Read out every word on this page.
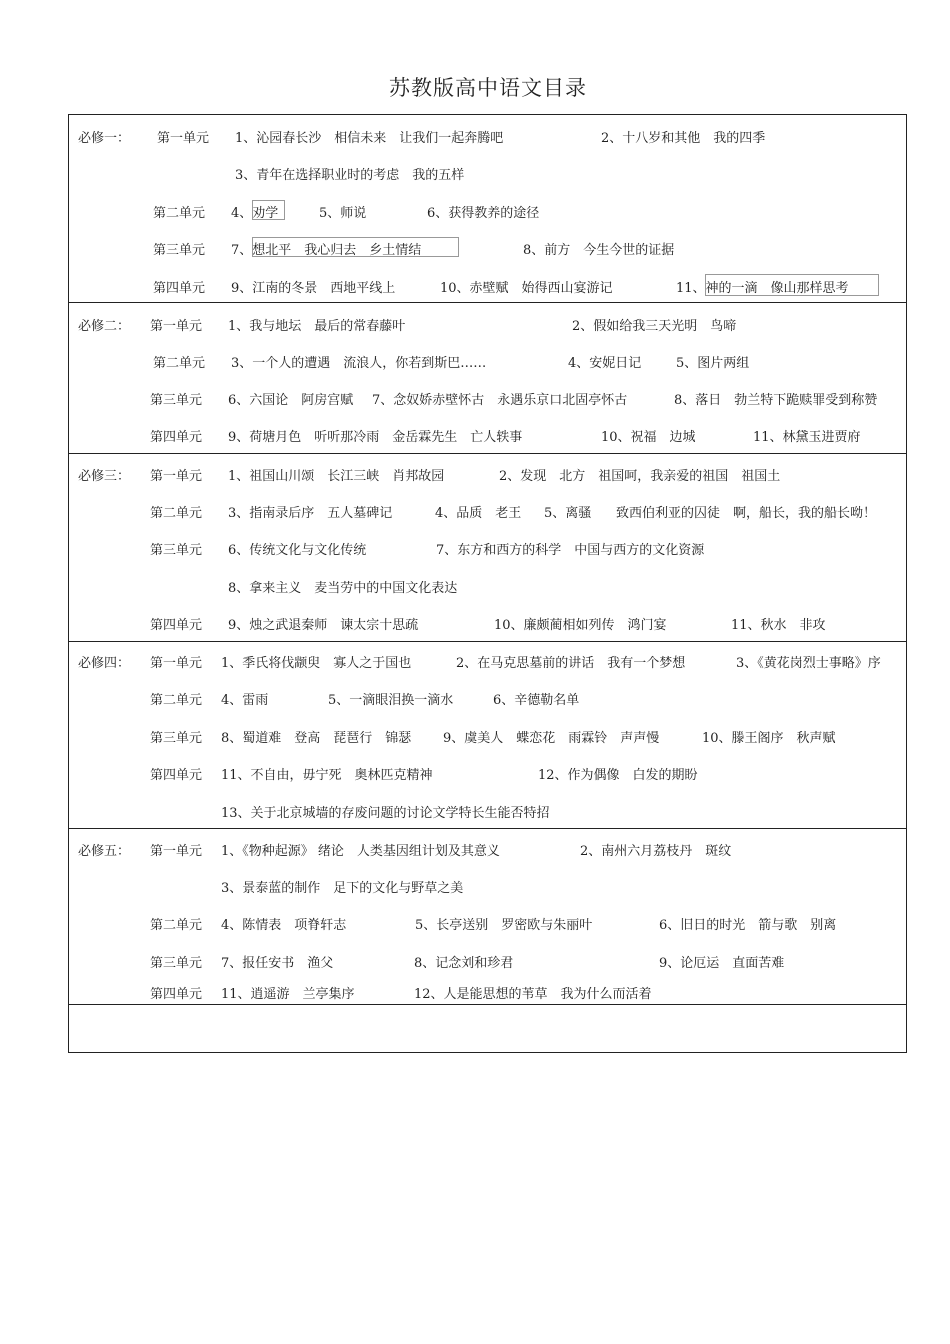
苏教版高中语文目录
必修一： 第一单元 1、沁园春长沙　相信未来　让我们一起奔腾吧	2、十八岁和其他　我的四季
3、青年在选择职业时的考虑　我的五样
第二单元 4、劝学	5、师说	6、获得教养的途径
第三单元 7、想北平　我心归去　乡土情结	8、前方　今生今世的证据
第四单元 9、江南的冬景　西地平线上	10、赤壁赋　始得西山宴游记	11、神的一滴　像山那样思考
必修二： 第一单元 1、我与地坛　最后的常春藤叶	2、假如给我三天光明　鸟啼
第二单元 3、一个人的遭遇　流浪人，你若到斯巴……	4、安妮日记	5、图片两组
第三单元 6、六国论　阿房宫赋 7、念奴娇赤壁怀古　永遇乐京口北固亭怀古	8、落日　勃兰特下跪赎罪受到称赞
第四单元 9、荷塘月色　听听那冷雨　金岳霖先生　亡人轶事	10、祝福　边城	11、林黛玉进贾府
必修三： 第一单元 1、祖国山川颂　长江三峡　肖邦故园	2、发现　北方　祖国呵，我亲爱的祖国　祖国土
第二单元 3、指南录后序　五人墓碑记	4、品质　老王 5、离骚 致西伯利亚的囚徒　啊，船长，我的船长呦！
第三单元 6、传统文化与文化传统	7、东方和西方的科学　中国与西方的文化资源
8、拿来主义　麦当劳中的中国文化表达
第四单元 9、烛之武退秦师　谏太宗十思疏	10、廉颇蔺相如列传　鸿门宴	11、秋水　非攻
必修四： 第一单元 1、季氏将伐颛臾　寡人之于国也	2、在马克思墓前的讲话　我有一个梦想	3、《黄花岗烈士事略》序
第二单元 4、雷雨	5、一滴眼泪换一滴水	6、辛德勒名单
第三单元 8、蜀道难　登高　琵琶行　锦瑟 9、虞美人　蝶恋花　雨霖铃　声声慢	10、滕王阁序　秋声赋
第四单元 11、不自由，毋宁死　奥林匹克精神	12、作为偶像　白发的期盼
13、关于北京城墙的存废问题的讨论文学特长生能否特招
必修五： 第一单元 1、《物种起源》 绪论　人类基因组计划及其意义	2、南州六月荔枝丹　斑纹
3、景泰蓝的制作　足下的文化与野草之美
第二单元 4、陈情表　项脊轩志	5、长亭送别　罗密欧与朱丽叶	6、旧日的时光　箭与歌　别离
第三单元 7、报任安书　渔父	8、记念刘和珍君	9、论厄运　直面苦难
第四单元 11、逍遥游　兰亭集序	12、人是能思想的苇草　我为什么而活着
